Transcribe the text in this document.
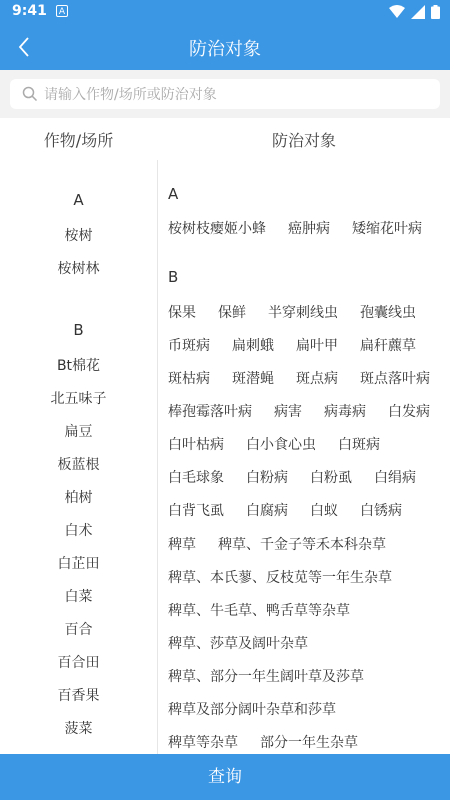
9:41	A
防治对象
请输入作物/场所或防治对象
作物/场所	防治对象
A
桉树
桉树林
B
Bt棉花
北五味子
扁豆
板蓝根
柏树
白术
白芷田
白菜
百合
百合田
百香果
菠菜
A
桉树枝瘿姬小蜂 癌肿病 矮缩花叶病
B
保果 保鲜 半穿刺线虫 孢囊线虫
币斑病 扁刺蛾 扁叶甲 扁秆藨草
斑枯病 斑潜蝇 斑点病 斑点落叶病
棒孢霉落叶病 病害 病毒病 白发病
白叶枯病 白小食心虫 白斑病
白毛球象 白粉病 白粉虱 白绢病
白背飞虱 白腐病 白蚁 白锈病
稗草 稗草、千金子等禾本科杂草
稗草、本氏蓼、反枝苋等一年生杂草
稗草、牛毛草、鸭舌草等杂草
稗草、莎草及阔叶杂草
稗草、部分一年生阔叶草及莎草
稗草及部分阔叶杂草和莎草
稗草等杂草 部分一年生杂草
查询
